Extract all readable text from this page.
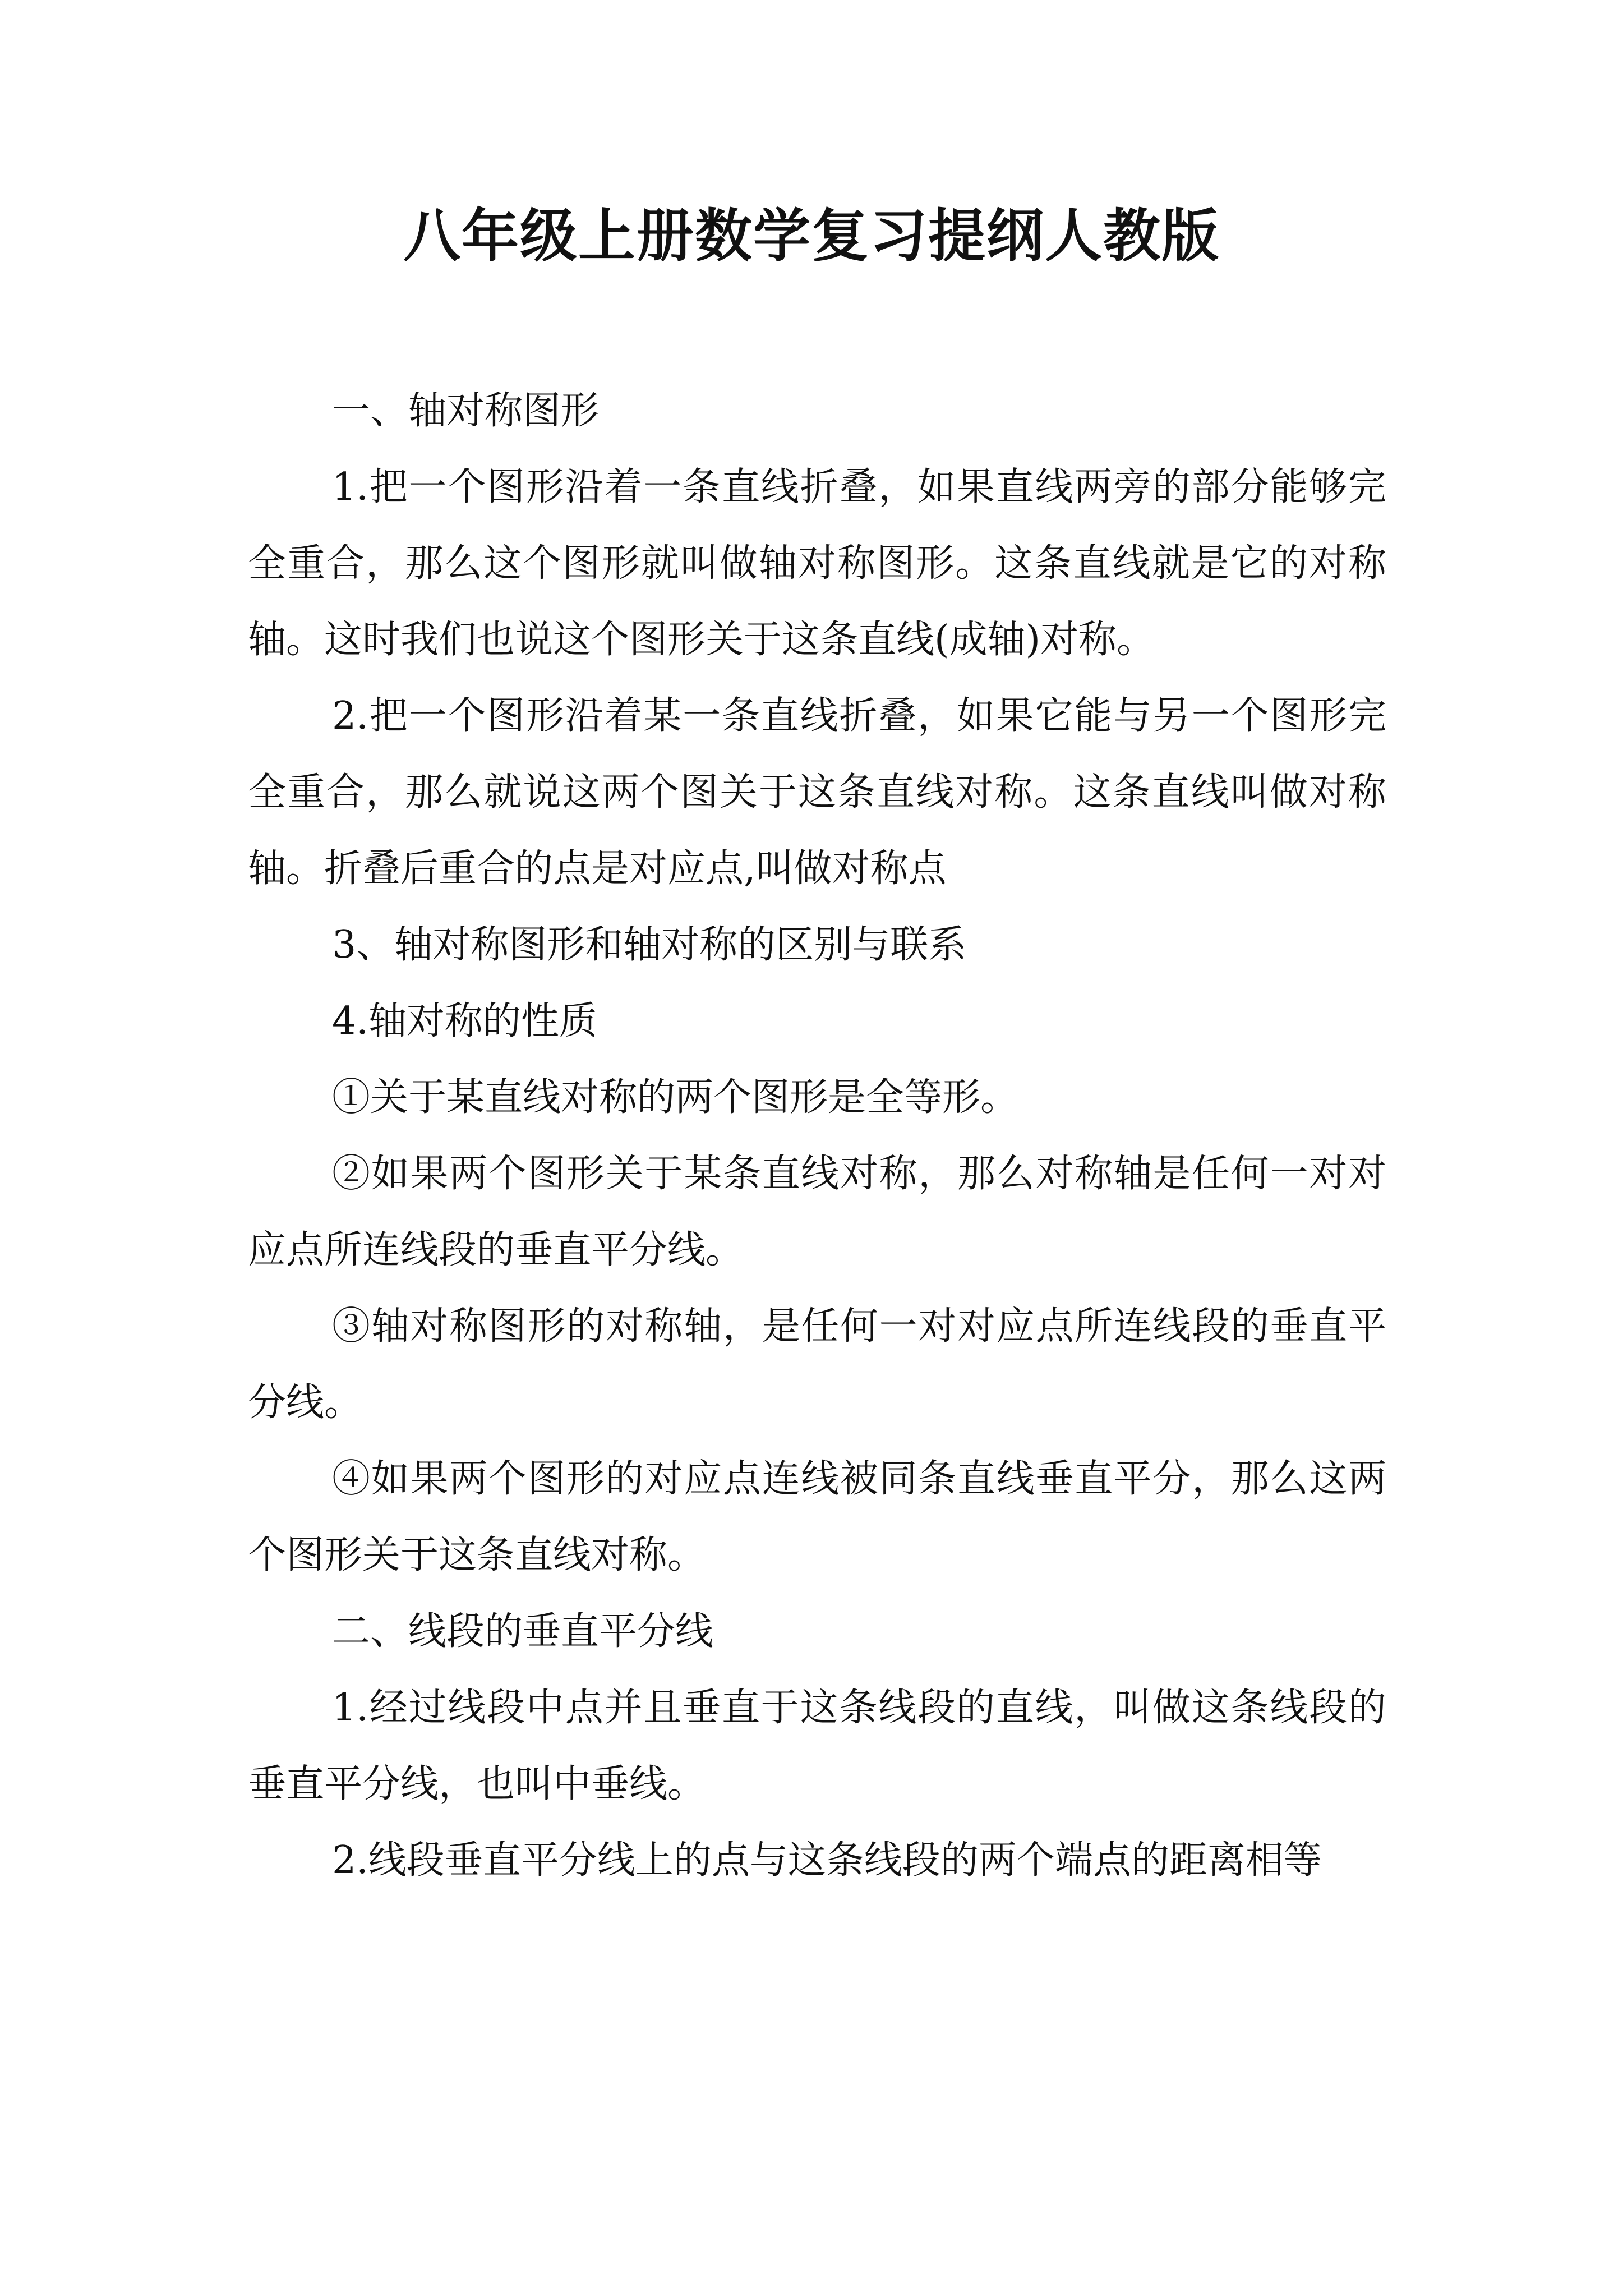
八年级上册数学复习提纲人教版

一、轴对称图形

1.把一个图形沿着一条直线折叠，如果直线两旁的部分能够完全重合，那么这个图形就叫做轴对称图形。这条直线就是它的对称轴。这时我们也说这个图形关于这条直线(成轴)对称。

2.把一个图形沿着某一条直线折叠，如果它能与另一个图形完全重合，那么就说这两个图关于这条直线对称。这条直线叫做对称轴。折叠后重合的点是对应点,叫做对称点

3、轴对称图形和轴对称的区别与联系

4.轴对称的性质

①关于某直线对称的两个图形是全等形。

②如果两个图形关于某条直线对称，那么对称轴是任何一对对应点所连线段的垂直平分线。

③轴对称图形的对称轴，是任何一对对应点所连线段的垂直平分线。

④如果两个图形的对应点连线被同条直线垂直平分，那么这两个图形关于这条直线对称。

二、线段的垂直平分线

1.经过线段中点并且垂直于这条线段的直线，叫做这条线段的垂直平分线，也叫中垂线。

2.线段垂直平分线上的点与这条线段的两个端点的距离相等
